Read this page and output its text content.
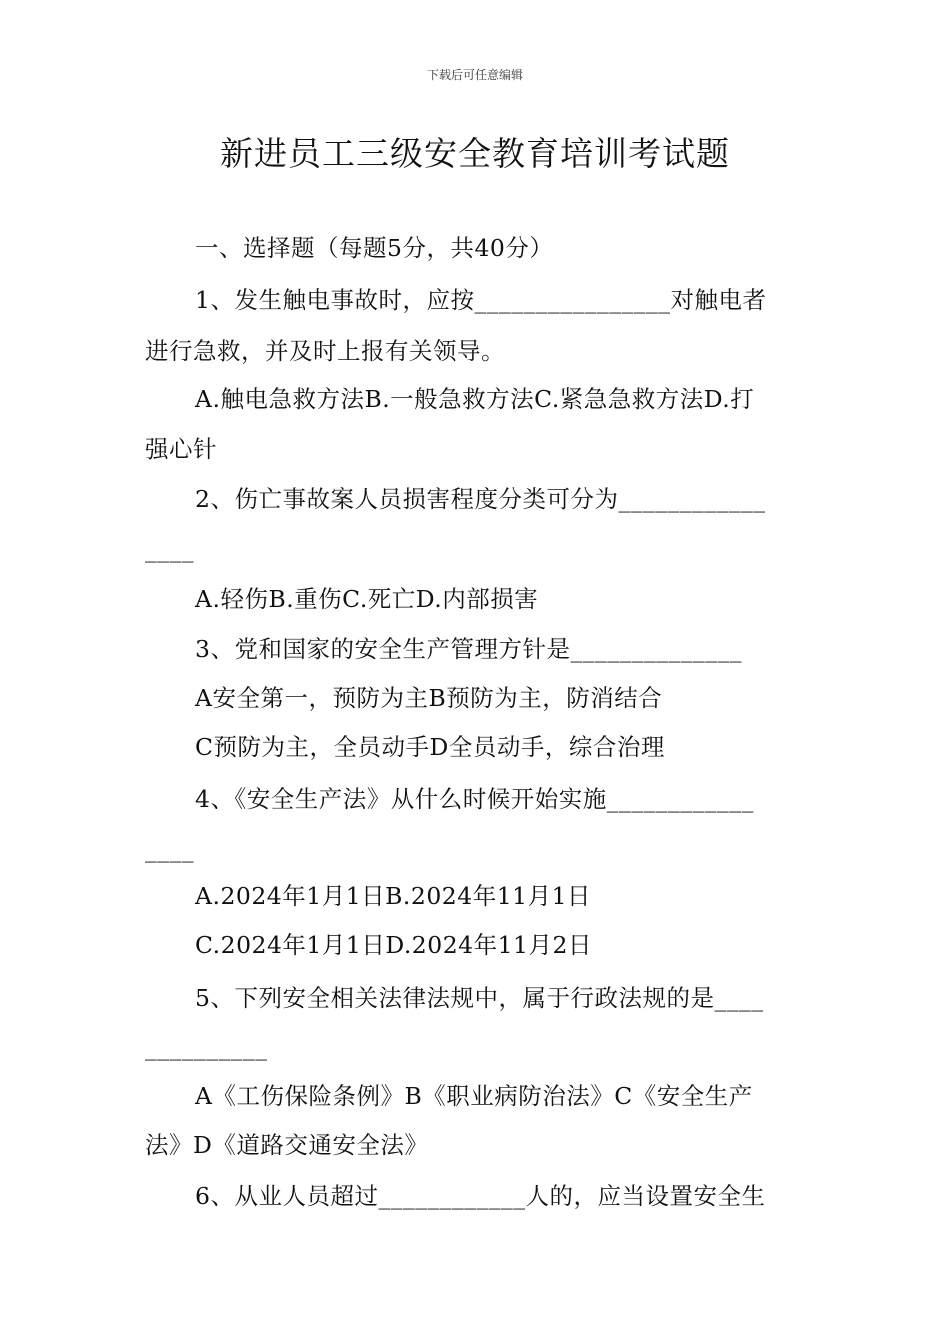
下载后可任意编辑
新进员工三级安全教育培训考试题
一、选择题（每题5分，共40分）
1、发生触电事故时，应按________________对触电者
进行急救，并及时上报有关领导。
A.触电急救方法B.一般急救方法C.紧急急救方法D.打
强心针
2、伤亡事故案人员损害程度分类可分为____________
____
A.轻伤B.重伤C.死亡D.内部损害
3、党和国家的安全生产管理方针是______________
A安全第一，预防为主B预防为主，防消结合
C预防为主，全员动手D全员动手，综合治理
4、《安全生产法》从什么时候开始实施____________
____
A.2024年1月1日B.2024年11月1日
C.2024年1月1日D.2024年11月2日
5、下列安全相关法律法规中，属于行政法规的是____
__________
A《工伤保险条例》B《职业病防治法》C《安全生产
法》D《道路交通安全法》
6、从业人员超过____________人的，应当设置安全生
